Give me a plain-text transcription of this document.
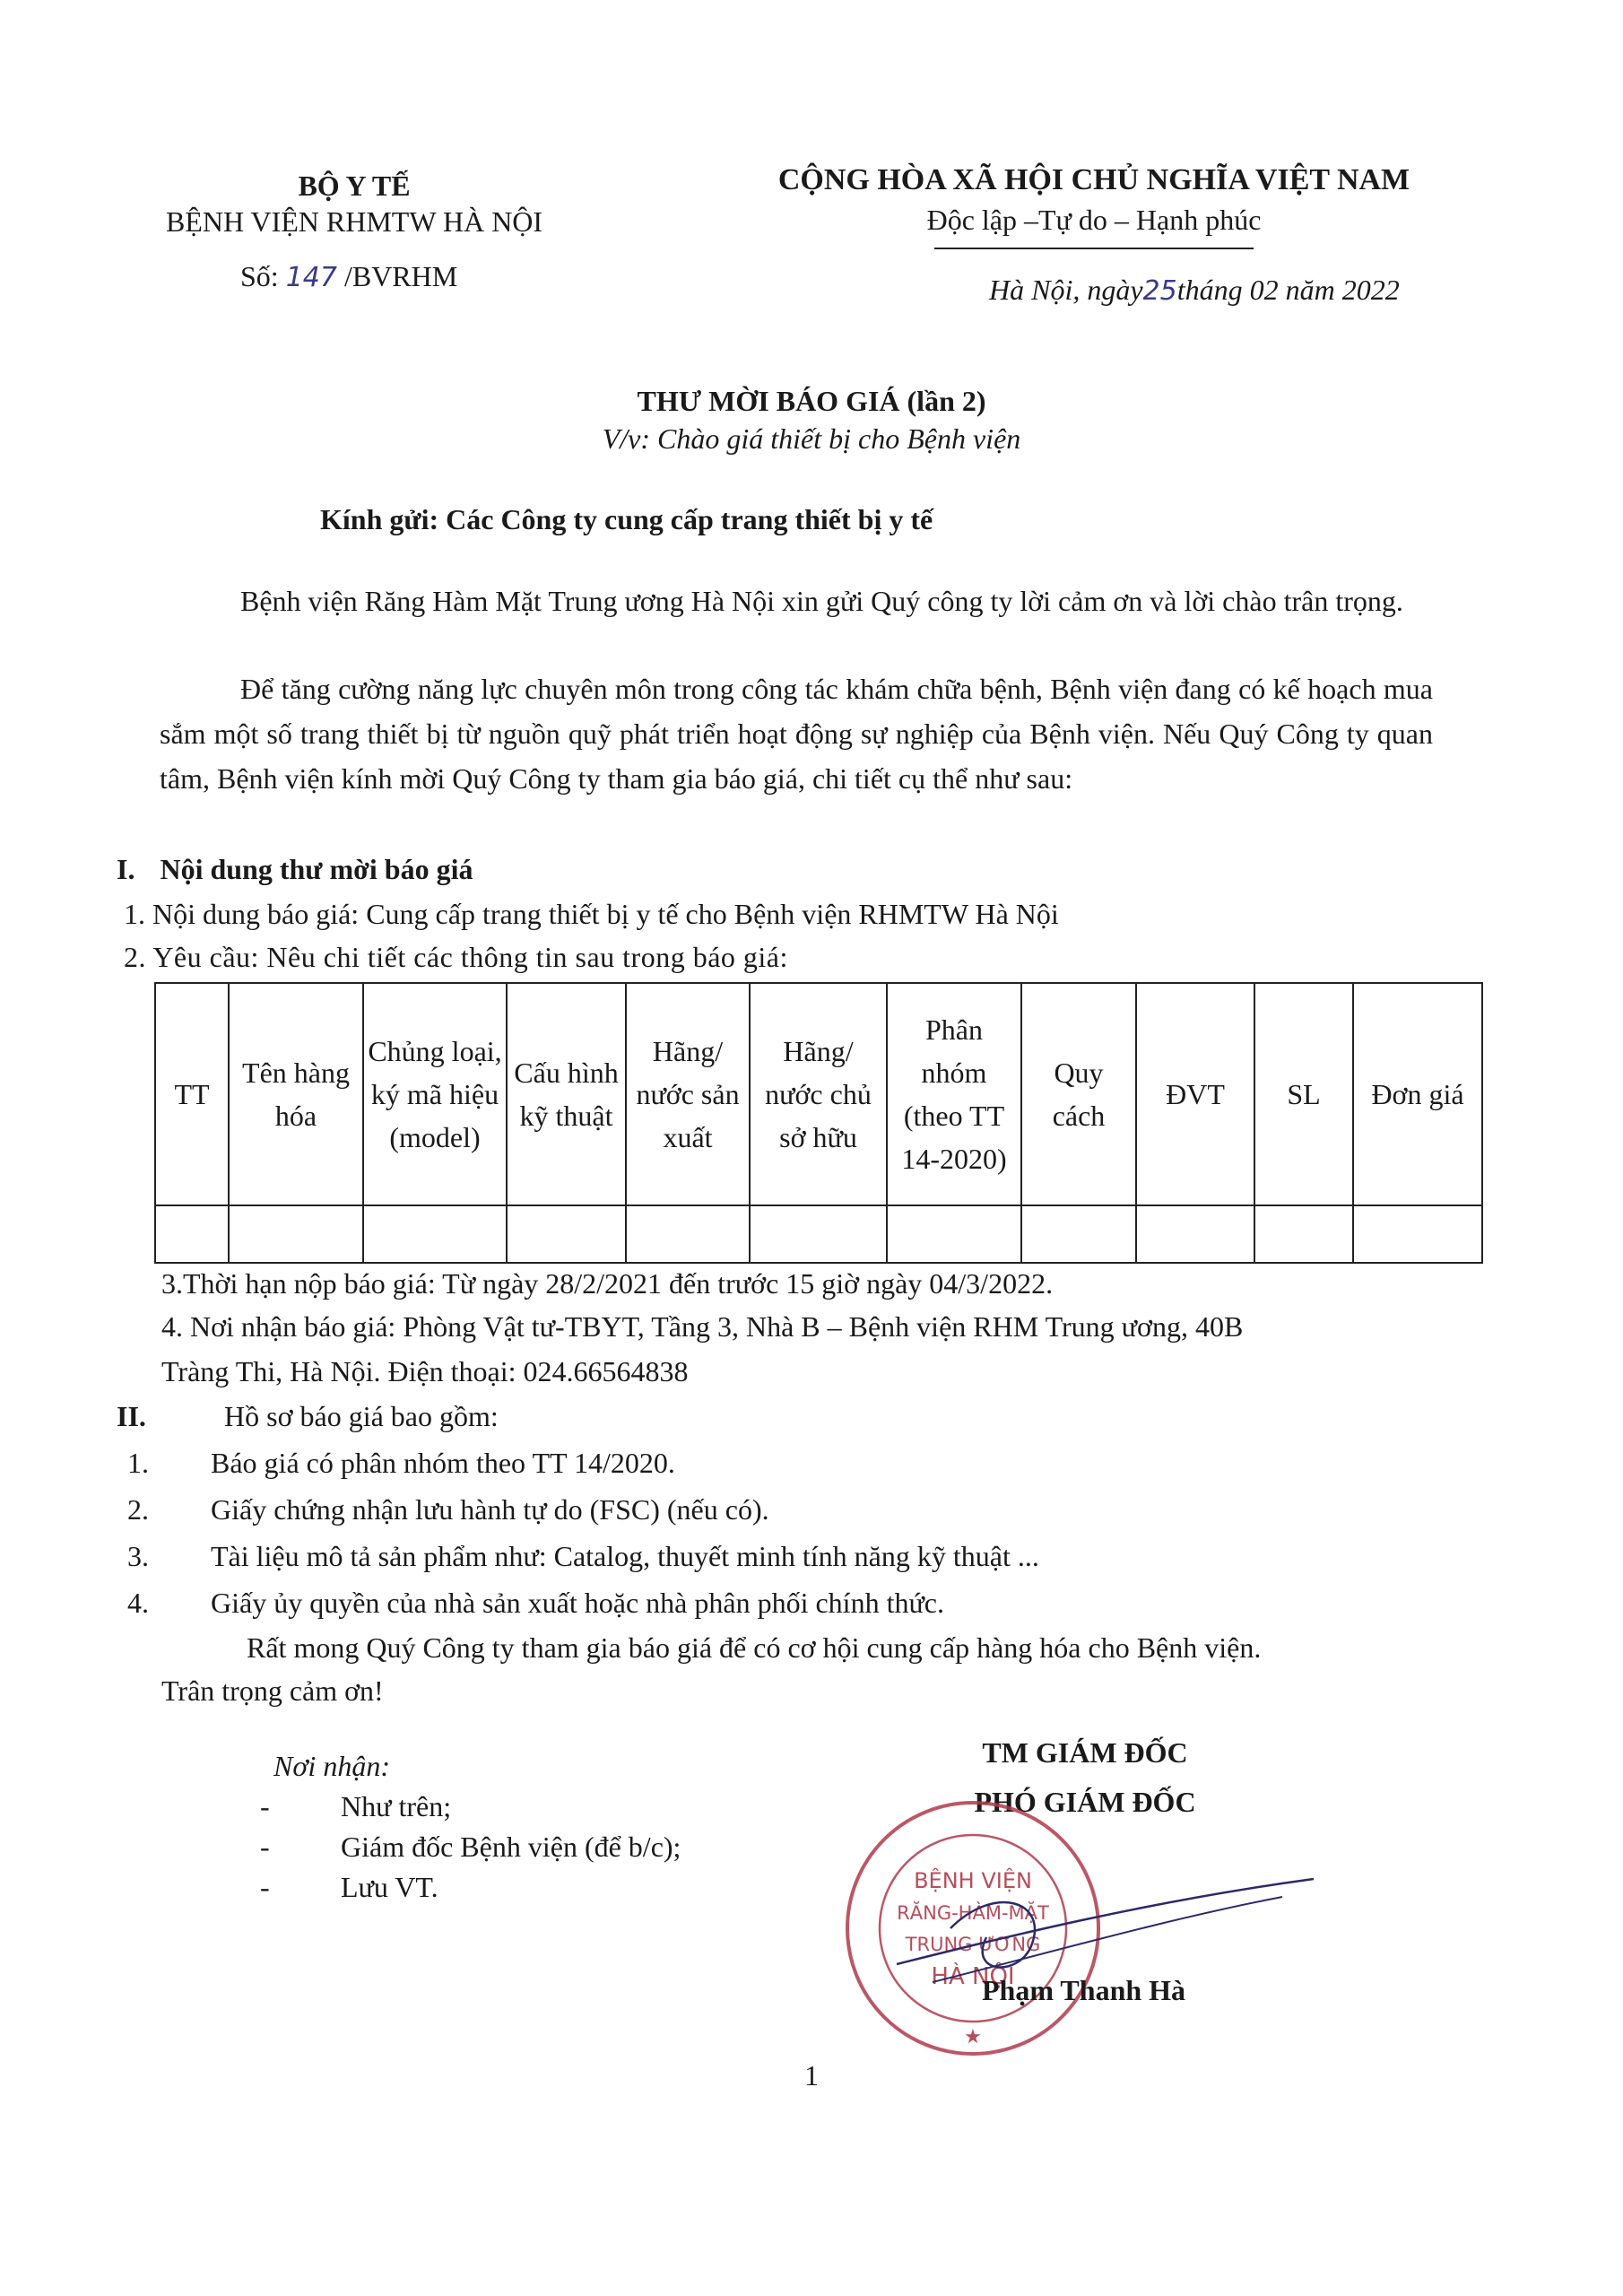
BỘ Y TẾ
BỆNH VIỆN RHMTW HÀ NỘI
Số: 147 /BVRHM
CỘNG HÒA XÃ HỘI CHỦ NGHĨA VIỆT NAM
Độc lập –Tự do – Hạnh phúc
Hà Nội, ngày25tháng 02 năm 2022
THƯ MỜI BÁO GIÁ (lần 2)
V/v: Chào giá thiết bị cho Bệnh viện
Kính gửi: Các Công ty cung cấp trang thiết bị y tế
Bệnh viện Răng Hàm Mặt Trung ương Hà Nội xin gửi Quý công ty lời cảm ơn và lời chào trân trọng.
Để tăng cường năng lực chuyên môn trong công tác khám chữa bệnh, Bệnh viện đang có kế hoạch mua sắm một số trang thiết bị từ nguồn quỹ phát triển hoạt động sự nghiệp của Bệnh viện. Nếu Quý Công ty quan tâm, Bệnh viện kính mời Quý Công ty tham gia báo giá, chi tiết cụ thể như sau:
I. Nội dung thư mời báo giá
1. Nội dung báo giá: Cung cấp trang thiết bị y tế cho Bệnh viện RHMTW Hà Nội
2. Yêu cầu: Nêu chi tiết các thông tin sau trong báo giá:
TT	Tên hàng hóa	Chủng loại, ký mã hiệu (model)	Cấu hình kỹ thuật	Hãng/ nước sản xuất	Hãng/ nước chủ sở hữu	Phân nhóm (theo TT 14-2020)	Quy cách	ĐVT	SL	Đơn giá

3.Thời hạn nộp báo giá: Từ ngày 28/2/2021 đến trước 15 giờ ngày 04/3/2022.
4. Nơi nhận báo giá: Phòng Vật tư-TBYT, Tầng 3, Nhà B – Bệnh viện RHM Trung ương, 40B
Tràng Thi, Hà Nội. Điện thoại: 024.66564838
II.	Hồ sơ báo giá bao gồm:
1. Báo giá có phân nhóm theo TT 14/2020.
2. Giấy chứng nhận lưu hành tự do (FSC) (nếu có).
3. Tài liệu mô tả sản phẩm như: Catalog, thuyết minh tính năng kỹ thuật ...
4. Giấy ủy quyền của nhà sản xuất hoặc nhà phân phối chính thức.
Rất mong Quý Công ty tham gia báo giá để có cơ hội cung cấp hàng hóa cho Bệnh viện.
Trân trọng cảm ơn!
Nơi nhận:
- Như trên;
- Giám đốc Bệnh viện (để b/c);
- Lưu VT.
TM GIÁM ĐỐC
PHÓ GIÁM ĐỐC
BỆNH VIỆN
RĂNG-HÀM-MẶT
TRUNG ƯƠNG
HÀ NỘI
★
Phạm Thanh Hà
1
